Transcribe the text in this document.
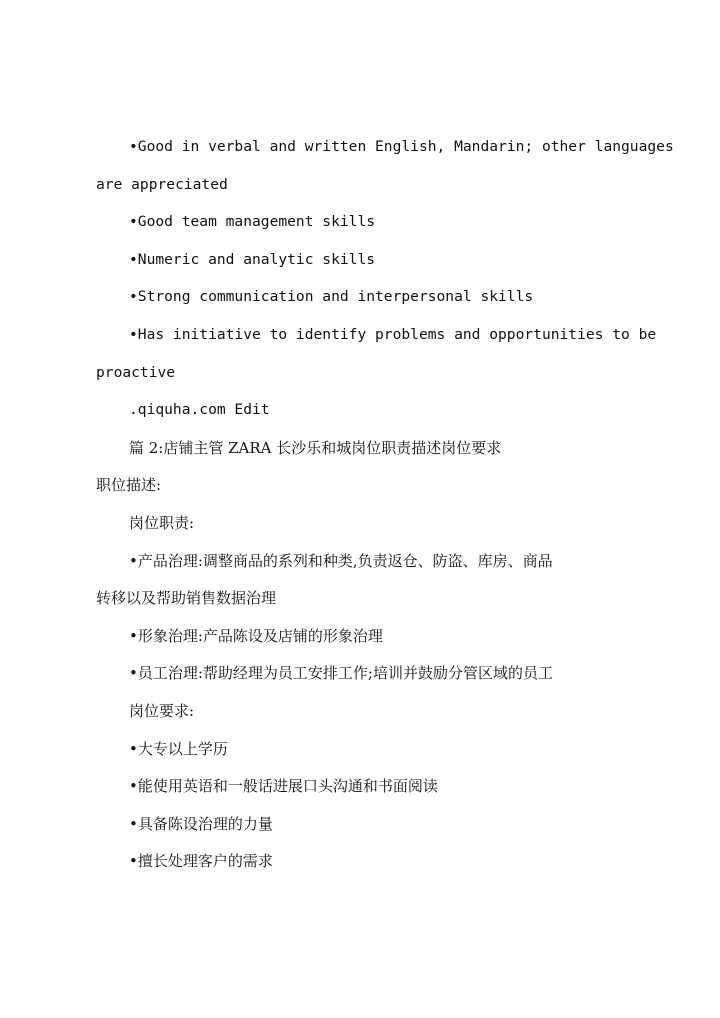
•Good in verbal and written English, Mandarin; other languages
are appreciated
•Good team management skills
•Numeric and analytic skills
•Strong communication and interpersonal skills
•Has initiative to identify problems and opportunities to be
proactive
.qiquha.com Edit
篇 2:店铺主管 ZARA 长沙乐和城岗位职责描述岗位要求
职位描述:
岗位职责:
•产品治理:调整商品的系列和种类,负责返仓、防盗、库房、商品
转移以及帮助销售数据治理
•形象治理:产品陈设及店铺的形象治理
•员工治理:帮助经理为员工安排工作;培训并鼓励分管区域的员工
岗位要求:
•大专以上学历
•能使用英语和一般话进展口头沟通和书面阅读
•具备陈设治理的力量
•擅长处理客户的需求
